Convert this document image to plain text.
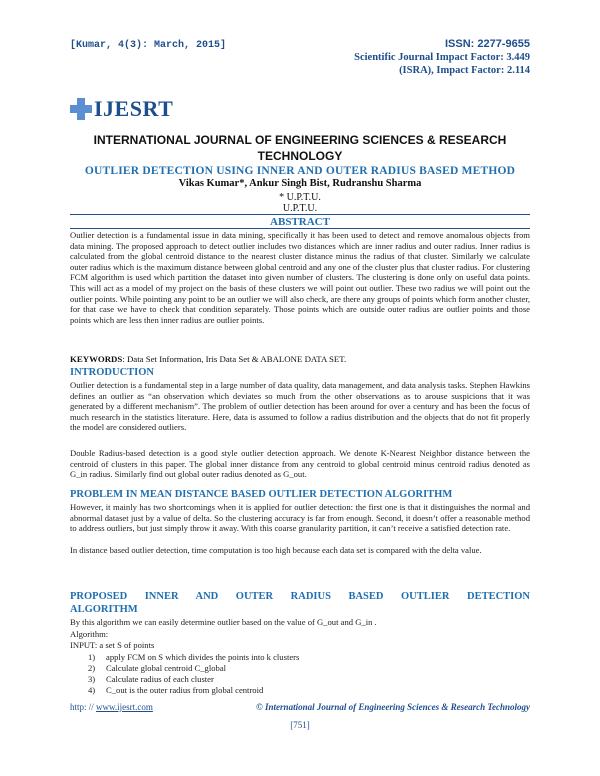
[Kumar, 4(3): March, 2015]	ISSN: 2277-9655
Scientific Journal Impact Factor: 3.449
(ISRA), Impact Factor: 2.114
IJESRT
INTERNATIONAL JOURNAL OF ENGINEERING SCIENCES & RESEARCH
TECHNOLOGY
OUTLIER DETECTION USING INNER AND OUTER RADIUS BASED METHOD
Vikas Kumar*, Ankur Singh Bist, Rudranshu Sharma
* U.P.T.U.
U.P.T.U.
ABSTRACT
Outlier detection is a fundamental issue in data mining, specifically it has been used to detect and remove anomalous objects from data mining. The proposed approach to detect outlier includes two distances which are inner radius and outer radius. Inner radius is calculated from the global centroid distance to the nearest cluster distance minus the radius of that cluster. Similarly we calculate outer radius which is the maximum distance between global centroid and any one of the cluster plus that cluster radius. For clustering FCM algorithm is used which partition the dataset into given number of clusters. The clustering is done only on useful data points. This will act as a model of my project on the basis of these clusters we will point out outlier. These two radius we will point out the outlier points. While pointing any point to be an outlier we will also check, are there any groups of points which form another cluster, for that case we have to check that condition separately. Those points which are outside outer radius are outlier points and those points which are less then inner radius are outlier points.
KEYWORDS: Data Set Information, Iris Data Set & ABALONE DATA SET.
INTRODUCTION
Outlier detection is a fundamental step in a large number of data quality, data management, and data analysis tasks. Stephen Hawkins defines an outlier as “an observation which deviates so much from the other observations as to arouse suspicions that it was generated by a different mechanism”. The problem of outlier detection has been around for over a century and has been the focus of much research in the statistics literature. Here, data is assumed to follow a radius distribution and the objects that do not fit properly the model are considered outliers.
Double Radius-based detection is a good style outlier detection approach. We denote K-Nearest Neighbor distance between the centroid of clusters in this paper. The global inner distance from any centroid to global centroid minus centroid radius denoted as G_in radius. Similarly find out global outer radius denoted as G_out.
PROBLEM IN MEAN DISTANCE BASED OUTLIER DETECTION ALGORITHM
However, it mainly has two shortcomings when it is applied for outlier detection: the first one is that it distinguishes the normal and abnormal dataset just by a value of delta. So the clustering accuracy is far from enough. Second, it doesn’t offer a reasonable method to address outliers, but just simply throw it away. With this coarse granularity partition, it can’t receive a satisfied detection rate.
In distance based outlier detection, time computation is too high because each data set is compared with the delta value.
PROPOSED INNER AND OUTER RADIUS BASED OUTLIER DETECTION
ALGORITHM
By this algorithm we can easily determine outlier based on the value of G_out and G_in .
Algorithm:
INPUT: a set S of points
1) apply FCM on S which divides the points into k clusters
2) Calculate global centroid C_global
3) Calculate radius of each cluster
4) C_out is the outer radius from global centroid
http: // www.ijesrt.com	© International Journal of Engineering Sciences & Research Technology
[751]
